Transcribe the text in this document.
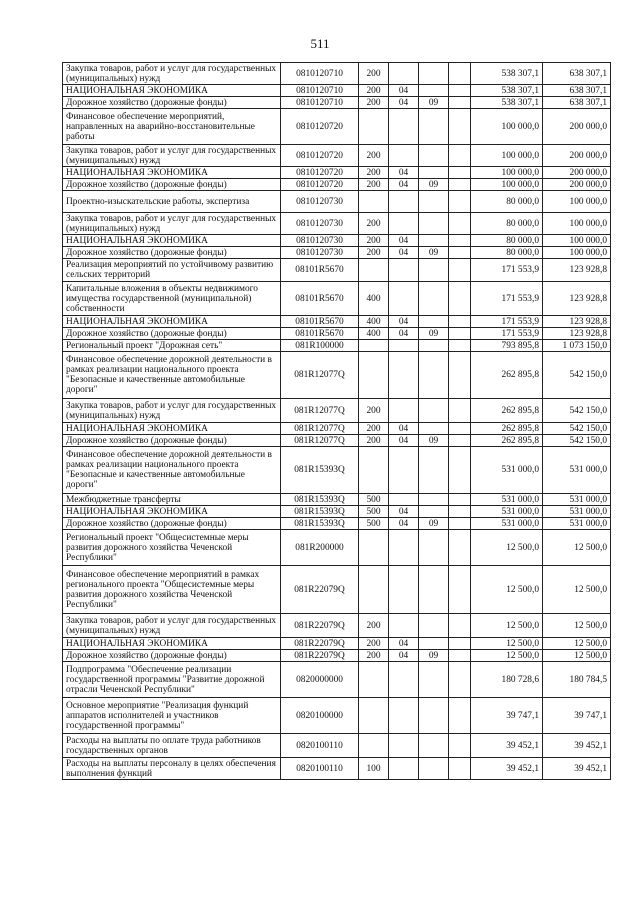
511
Закупка товаров, работ и услуг для государственных (муниципальных) нужд	0810120710	200				538 307,1	638 307,1
НАЦИОНАЛЬНАЯ ЭКОНОМИКА	0810120710	200	04			538 307,1	638 307,1
Дорожное хозяйство (дорожные фонды)	0810120710	200	04	09		538 307,1	638 307,1
Финансовое обеспечение мероприятий, направленных на аварийно-восстановительные работы	0810120720					100 000,0	200 000,0
Закупка товаров, работ и услуг для государственных (муниципальных) нужд	0810120720	200				100 000,0	200 000,0
НАЦИОНАЛЬНАЯ ЭКОНОМИКА	0810120720	200	04			100 000,0	200 000,0
Дорожное хозяйство (дорожные фонды)	0810120720	200	04	09		100 000,0	200 000,0
Проектно-изыскательские работы, экспертиза	0810120730					80 000,0	100 000,0
Закупка товаров, работ и услуг для государственных (муниципальных) нужд	0810120730	200				80 000,0	100 000,0
НАЦИОНАЛЬНАЯ ЭКОНОМИКА	0810120730	200	04			80 000,0	100 000,0
Дорожное хозяйство (дорожные фонды)	0810120730	200	04	09		80 000,0	100 000,0
Реализация мероприятий по устойчивому развитию сельских территорий	08101R5670					171 553,9	123 928,8
Капитальные вложения в объекты недвижимого имущества государственной (муниципальной) собственности	08101R5670	400				171 553,9	123 928,8
НАЦИОНАЛЬНАЯ ЭКОНОМИКА	08101R5670	400	04			171 553,9	123 928,8
Дорожное хозяйство (дорожные фонды)	08101R5670	400	04	09		171 553,9	123 928,8
Региональный проект "Дорожная сеть"	081R100000					793 895,8	1 073 150,0
Финансовое обеспечение дорожной деятельности в рамках реализации национального проекта "Безопасные и качественные автомобильные дороги"	081R12077Q					262 895,8	542 150,0
Закупка товаров, работ и услуг для государственных (муниципальных) нужд	081R12077Q	200				262 895,8	542 150,0
НАЦИОНАЛЬНАЯ ЭКОНОМИКА	081R12077Q	200	04			262 895,8	542 150,0
Дорожное хозяйство (дорожные фонды)	081R12077Q	200	04	09		262 895,8	542 150,0
Финансовое обеспечение дорожной деятельности в рамках реализации национального проекта "Безопасные и качественные автомобильные дороги"	081R15393Q					531 000,0	531 000,0
Межбюджетные трансферты	081R15393Q	500				531 000,0	531 000,0
НАЦИОНАЛЬНАЯ ЭКОНОМИКА	081R15393Q	500	04			531 000,0	531 000,0
Дорожное хозяйство (дорожные фонды)	081R15393Q	500	04	09		531 000,0	531 000,0
Региональный проект "Общесистемные меры развития дорожного хозяйства Чеченской Республики"	081R200000					12 500,0	12 500,0
Финансовое обеспечение мероприятий в рамках регионального проекта "Общесистемные меры развития дорожного хозяйства Чеченской Республики"	081R22079Q					12 500,0	12 500,0
Закупка товаров, работ и услуг для государственных (муниципальных) нужд	081R22079Q	200				12 500,0	12 500,0
НАЦИОНАЛЬНАЯ ЭКОНОМИКА	081R22079Q	200	04			12 500,0	12 500,0
Дорожное хозяйство (дорожные фонды)	081R22079Q	200	04	09		12 500,0	12 500,0
Подпрограмма "Обеспечение реализации государственной программы "Развитие дорожной отрасли Чеченской Республики"	0820000000					180 728,6	180 784,5
Основное мероприятие "Реализация функций аппаратов исполнителей и участников государственной программы"	0820100000					39 747,1	39 747,1
Расходы на выплаты по оплате труда работников государственных органов	0820100110					39 452,1	39 452,1
Расходы на выплаты персоналу в целях обеспечения выполнения функций	0820100110	100				39 452,1	39 452,1
